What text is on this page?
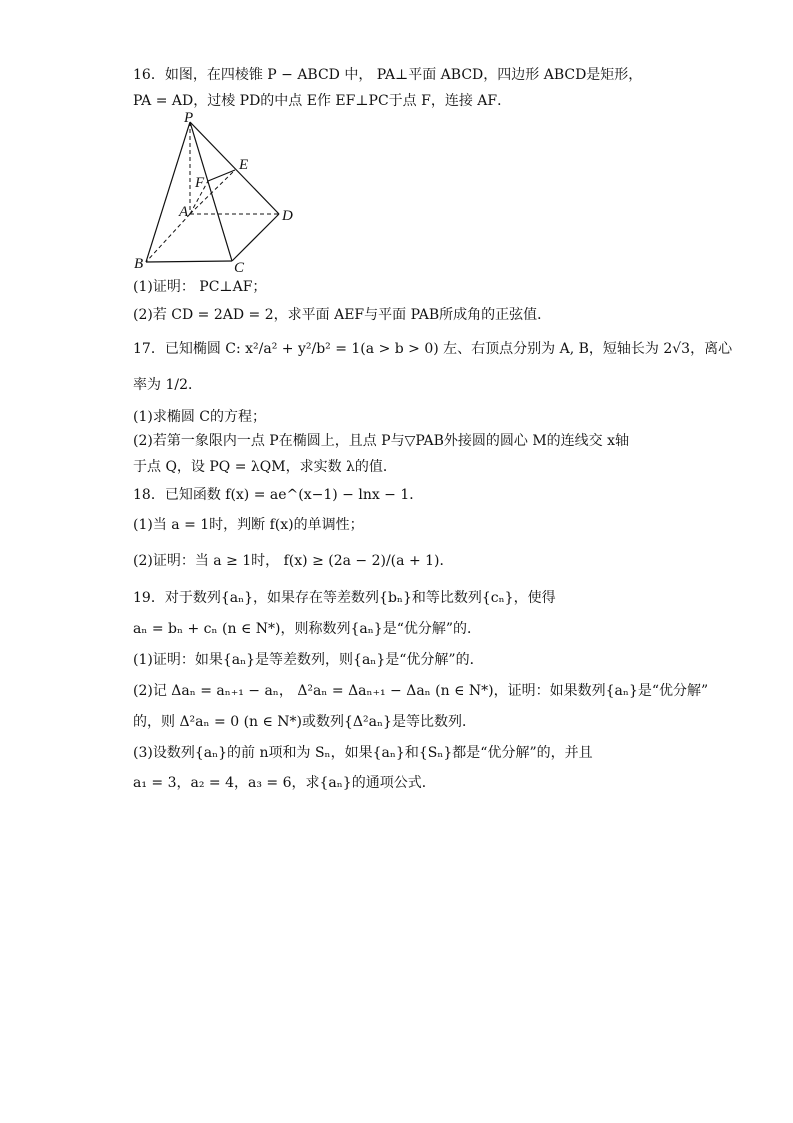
16．如图，在四棱锥 P − ABCD 中， PA⊥平面 ABCD，四边形 ABCD是矩形，
PA = AD，过棱 PD的中点 E作 EF⊥PC于点 F，连接 AF．
P
E
F
A	D
B	C
(1)证明： PC⊥AF；
(2)若 CD = 2AD = 2，求平面 AEF与平面 PAB所成角的正弦值．
17．已知椭圆 C: x²/a² + y²/b² = 1(a > b > 0) 左、右顶点分别为 A, B，短轴长为 2√3，离心
率为 1/2．
(1)求椭圆 C的方程；
(2)若第一象限内一点 P在椭圆上，且点 P与▽PAB外接圆的圆心 M的连线交 x轴
于点 Q，设 PQ = λQM，求实数 λ的值．
18．已知函数 f(x) = ae^(x−1) − lnx − 1．
(1)当 a = 1时，判断 f(x)的单调性；
(2)证明：当 a ≥ 1时， f(x) ≥ (2a − 2)/(a + 1)．
19．对于数列{aₙ}，如果存在等差数列{bₙ}和等比数列{cₙ}，使得
aₙ = bₙ + cₙ (n ∈ N*)，则称数列{aₙ}是“优分解”的．
(1)证明：如果{aₙ}是等差数列，则{aₙ}是“优分解”的．
(2)记 Δaₙ = aₙ₊₁ − aₙ， Δ²aₙ = Δaₙ₊₁ − Δaₙ (n ∈ N*)，证明：如果数列{aₙ}是“优分解”
的，则 Δ²aₙ = 0 (n ∈ N*)或数列{Δ²aₙ}是等比数列．
(3)设数列{aₙ}的前 n项和为 Sₙ，如果{aₙ}和{Sₙ}都是“优分解”的，并且
a₁ = 3，a₂ = 4，a₃ = 6，求{aₙ}的通项公式．
